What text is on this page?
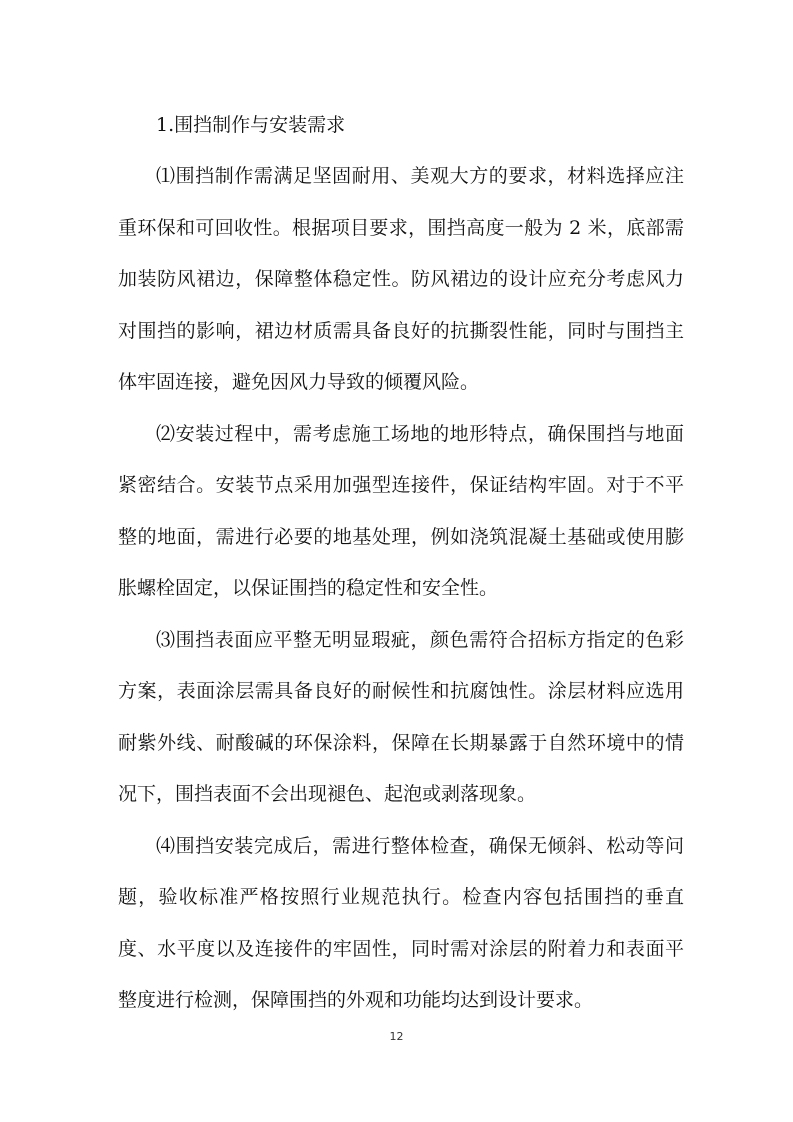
1.围挡制作与安装需求

⑴围挡制作需满足坚固耐用、美观大方的要求，材料选择应注重环保和可回收性。根据项目要求，围挡高度一般为 2 米，底部需加装防风裙边，保障整体稳定性。防风裙边的设计应充分考虑风力对围挡的影响，裙边材质需具备良好的抗撕裂性能，同时与围挡主体牢固连接，避免因风力导致的倾覆风险。

⑵安装过程中，需考虑施工场地的地形特点，确保围挡与地面紧密结合。安装节点采用加强型连接件，保证结构牢固。对于不平整的地面，需进行必要的地基处理，例如浇筑混凝土基础或使用膨胀螺栓固定，以保证围挡的稳定性和安全性。

⑶围挡表面应平整无明显瑕疵，颜色需符合招标方指定的色彩方案，表面涂层需具备良好的耐候性和抗腐蚀性。涂层材料应选用耐紫外线、耐酸碱的环保涂料，保障在长期暴露于自然环境中的情况下，围挡表面不会出现褪色、起泡或剥落现象。

⑷围挡安装完成后，需进行整体检查，确保无倾斜、松动等问题，验收标准严格按照行业规范执行。检查内容包括围挡的垂直度、水平度以及连接件的牢固性，同时需对涂层的附着力和表面平整度进行检测，保障围挡的外观和功能均达到设计要求。

12
